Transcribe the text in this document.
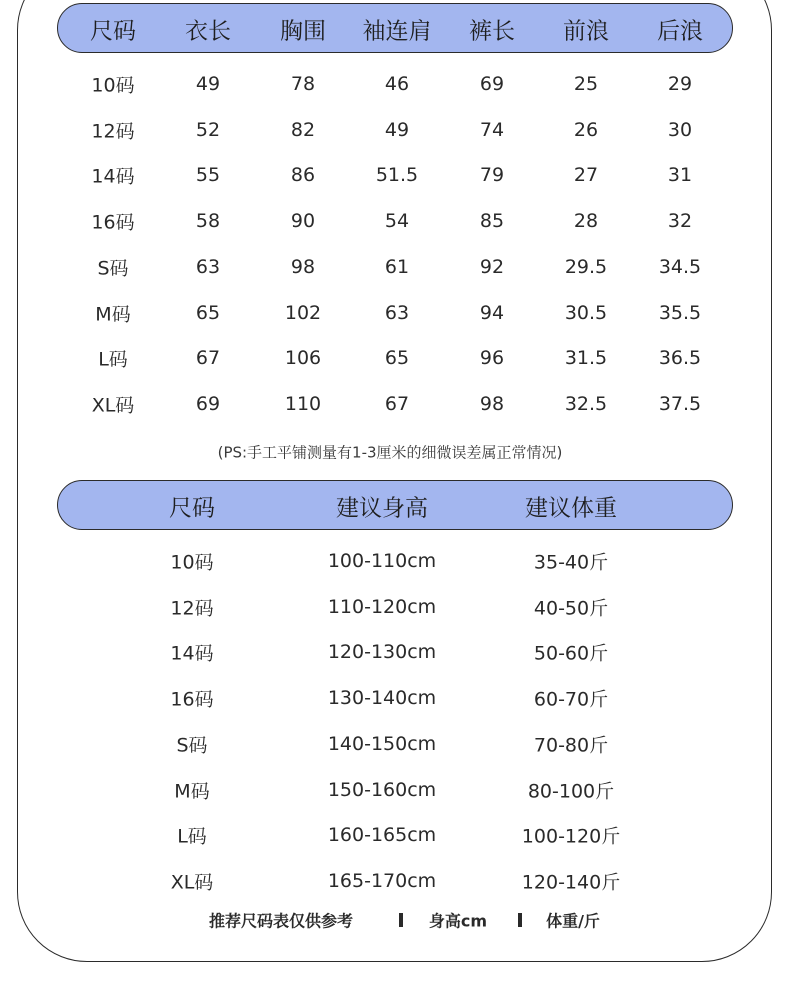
尺码 衣长 胸围 袖连肩 裤长 前浪 后浪
10码	49	78	46	69	25	29
12码	52	82	49	74	26	30
14码	55	86	51.5	79	27	31
16码	58	90	54	85	28	32
S码	63	98	61	92	29.5	34.5
M码	65	102	63	94	30.5	35.5
L码	67	106	65	96	31.5	36.5
XL码	69	110	67	98	32.5	37.5
(PS:手工平铺测量有1-3厘米的细微误差属正常情况)
尺码	建议身高	建议体重
10码	100-110cm	35-40斤
12码	110-120cm	40-50斤
14码	120-130cm	50-60斤
16码	130-140cm	60-70斤
S码	140-150cm	70-80斤
M码	150-160cm	80-100斤
L码	160-165cm	100-120斤
XL码	165-170cm	120-140斤
推荐尺码表仅供参考	身高cm	体重/斤
